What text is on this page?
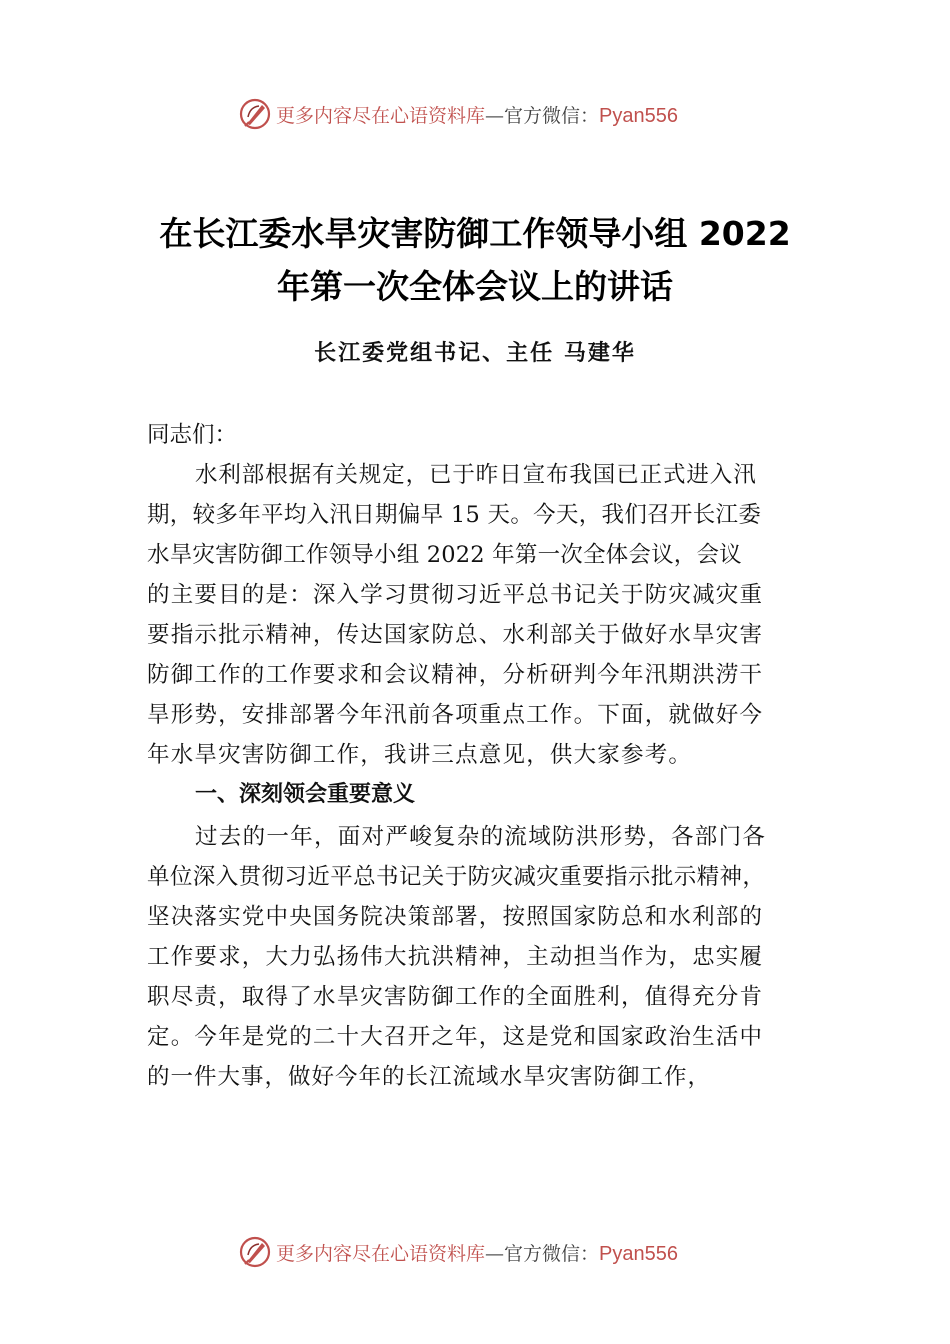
更多内容尽在心语资料库—官方微信：Pyan556
在长江委水旱灾害防御工作领导小组 2022
年第一次全体会议上的讲话
长江委党组书记、主任 马建华
同志们：
水利部根据有关规定，已于昨日宣布我国已正式进入汛
期，较多年平均入汛日期偏早 15 天。今天，我们召开长江委
水旱灾害防御工作领导小组 2022 年第一次全体会议，会议
的主要目的是：深入学习贯彻习近平总书记关于防灾减灾重
要指示批示精神，传达国家防总、水利部关于做好水旱灾害
防御工作的工作要求和会议精神，分析研判今年汛期洪涝干
旱形势，安排部署今年汛前各项重点工作。下面，就做好今
年水旱灾害防御工作，我讲三点意见，供大家参考。
一、深刻领会重要意义
过去的一年，面对严峻复杂的流域防洪形势，各部门各
单位深入贯彻习近平总书记关于防灾减灾重要指示批示精神，
坚决落实党中央国务院决策部署，按照国家防总和水利部的
工作要求，大力弘扬伟大抗洪精神，主动担当作为，忠实履
职尽责，取得了水旱灾害防御工作的全面胜利，值得充分肯
定。今年是党的二十大召开之年，这是党和国家政治生活中
的一件大事，做好今年的长江流域水旱灾害防御工作，
更多内容尽在心语资料库—官方微信：Pyan556
